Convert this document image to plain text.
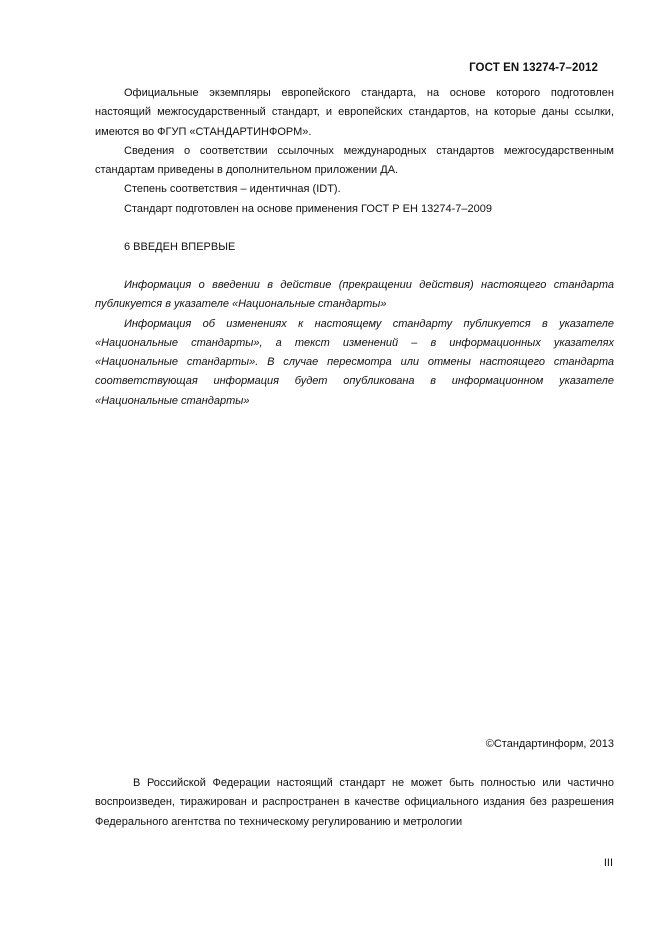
ГОСТ EN 13274-7–2012

Официальные экземпляры европейского стандарта, на основе которого подготовлен настоящий межгосударственный стандарт, и европейских стандартов, на которые даны ссылки, имеются во ФГУП «СТАНДАРТИНФОРМ».

Сведения о соответствии ссылочных международных стандартов межгосударственным стандартам приведены в дополнительном приложении ДА.

Степень соответствия – идентичная (IDT).

Стандарт подготовлен на основе применения ГОСТ Р ЕН 13274-7–2009

6 ВВЕДЕН ВПЕРВЫЕ

Информация о введении в действие (прекращении действия) настоящего стандарта публикуется в указателе «Национальные стандарты»

Информация об изменениях к настоящему стандарту публикуется в указателе «Национальные стандарты», а текст изменений – в информационных указателях «Национальные стандарты». В случае пересмотра или отмены настоящего стандарта соответствующая информация будет опубликована в информационном указателе «Национальные стандарты»

©Стандартинформ, 2013

В Российской Федерации настоящий стандарт не может быть полностью или частично воспроизведен, тиражирован и распространен в качестве официального издания без разрешения Федерального агентства по техническому регулированию и метрологии

III
